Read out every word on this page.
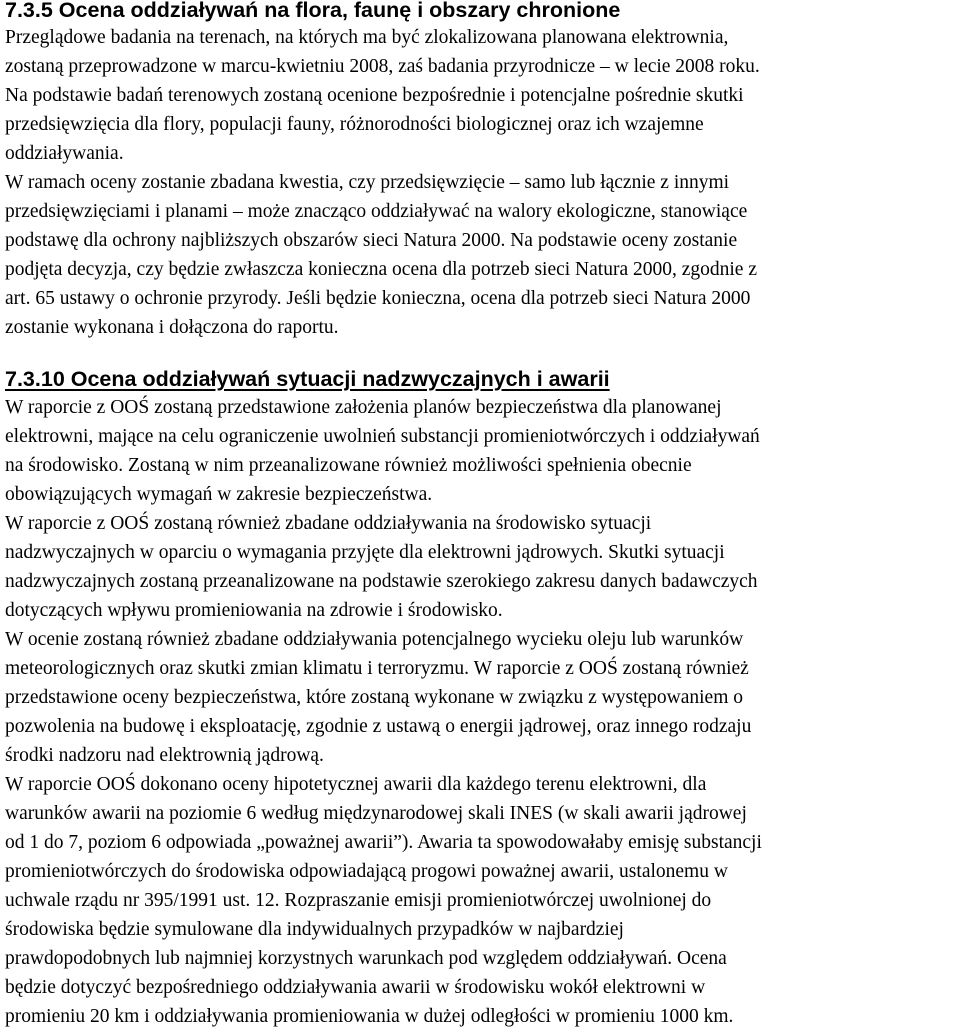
7.3.5 Ocena oddziaływań na flora, faunę i obszary chronione

Przeglądowe badania na terenach, na których ma być zlokalizowana planowana elektrownia,
zostaną przeprowadzone w marcu-kwietniu 2008, zaś badania przyrodnicze – w lecie 2008 roku.
Na podstawie badań terenowych zostaną ocenione bezpośrednie i potencjalne pośrednie skutki
przedsięwzięcia dla flory, populacji fauny, różnorodności biologicznej oraz ich wzajemne
oddziaływania.

W ramach oceny zostanie zbadana kwestia, czy przedsięwzięcie – samo lub łącznie z innymi
przedsięwzięciami i planami – może znacząco oddziaływać na walory ekologiczne, stanowiące
podstawę dla ochrony najbliższych obszarów sieci Natura 2000. Na podstawie oceny zostanie
podjęta decyzja, czy będzie zwłaszcza konieczna ocena dla potrzeb sieci Natura 2000, zgodnie z
art. 65 ustawy o ochronie przyrody. Jeśli będzie konieczna, ocena dla potrzeb sieci Natura 2000
zostanie wykonana i dołączona do raportu.

7.3.10 Ocena oddziaływań sytuacji nadzwyczajnych i awarii

W raporcie z OOŚ zostaną przedstawione założenia planów bezpieczeństwa dla planowanej
elektrowni, mające na celu ograniczenie uwolnień substancji promieniotwórczych i oddziaływań
na środowisko. Zostaną w nim przeanalizowane również możliwości spełnienia obecnie
obowiązujących wymagań w zakresie bezpieczeństwa.

W raporcie z OOŚ zostaną również zbadane oddziaływania na środowisko sytuacji
nadzwyczajnych w oparciu o wymagania przyjęte dla elektrowni jądrowych. Skutki sytuacji
nadzwyczajnych zostaną przeanalizowane na podstawie szerokiego zakresu danych badawczych
dotyczących wpływu promieniowania na zdrowie i środowisko.

W ocenie zostaną również zbadane oddziaływania potencjalnego wycieku oleju lub warunków
meteorologicznych oraz skutki zmian klimatu i terroryzmu. W raporcie z OOŚ zostaną również
przedstawione oceny bezpieczeństwa, które zostaną wykonane w związku z występowaniem o
pozwolenia na budowę i eksploatację, zgodnie z ustawą o energii jądrowej, oraz innego rodzaju
środki nadzoru nad elektrownią jądrową.

W raporcie OOŚ dokonano oceny hipotetycznej awarii dla każdego terenu elektrowni, dla
warunków awarii na poziomie 6 według międzynarodowej skali INES (w skali awarii jądrowej
od 1 do 7, poziom 6 odpowiada „poważnej awarii”). Awaria ta spowodowałaby emisję substancji
promieniotwórczych do środowiska odpowiadającą progowi poważnej awarii, ustalonemu w
uchwale rządu nr 395/1991 ust. 12. Rozpraszanie emisji promieniotwórczej uwolnionej do
środowiska będzie symulowane dla indywidualnych przypadków w najbardziej
prawdopodobnych lub najmniej korzystnych warunkach pod względem oddziaływań. Ocena
będzie dotyczyć bezpośredniego oddziaływania awarii w środowisku wokół elektrowni w
promieniu 20 km i oddziaływania promieniowania w dużej odległości w promieniu 1000 km.
